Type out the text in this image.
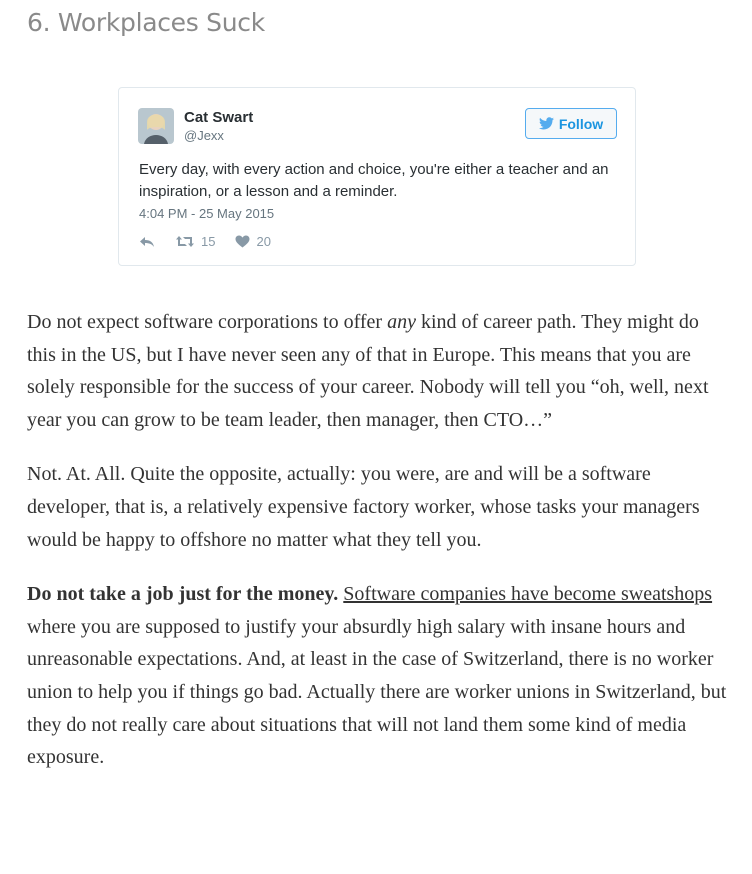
6. Workplaces Suck
Cat Swart
@Jexx
Follow
Every day, with every action and choice, you're either a teacher and an inspiration, or a lesson and a reminder.
4:04 PM - 25 May 2015
15	20

Do not expect software corporations to offer any kind of career path. They might do this in the US, but I have never seen any of that in Europe. This means that you are solely responsible for the success of your career. Nobody will tell you “oh, well, next year you can grow to be team leader, then manager, then CTO…”

Not. At. All. Quite the opposite, actually: you were, are and will be a software developer, that is, a relatively expensive factory worker, whose tasks your managers would be happy to offshore no matter what they tell you.

Do not take a job just for the money. Software companies have become sweatshops where you are supposed to justify your absurdly high salary with insane hours and unreasonable expectations. And, at least in the case of Switzerland, there is no worker union to help you if things go bad. Actually there are worker unions in Switzerland, but they do not really care about situations that will not land them some kind of media exposure.
